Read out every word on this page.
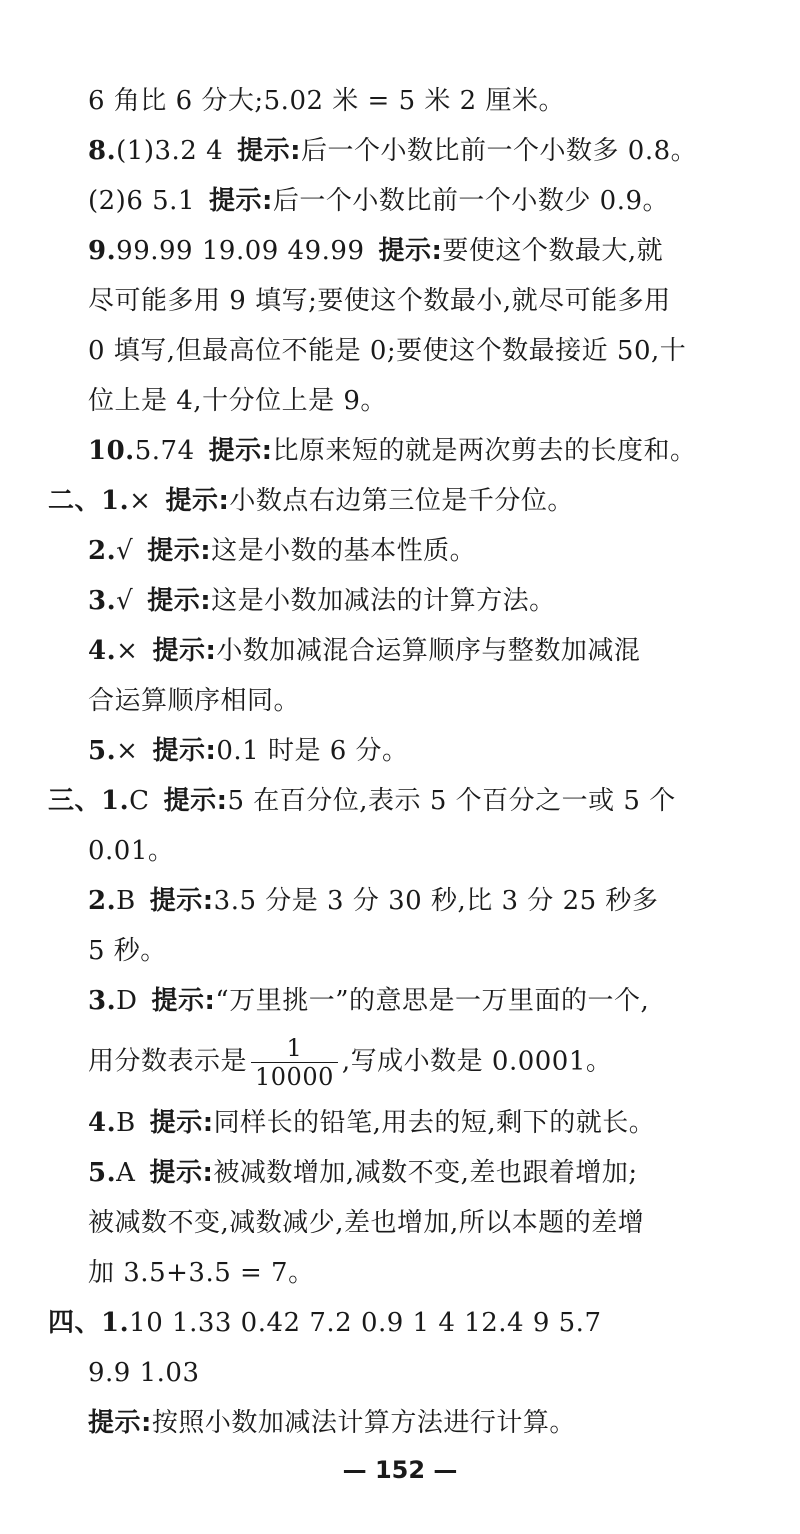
6 角比 6 分大;5.02 米 = 5 米 2 厘米。
8.(1)3.2 4 提示:后一个小数比前一个小数多 0.8。
(2)6 5.1 提示:后一个小数比前一个小数少 0.9。
9.99.99 19.09 49.99 提示:要使这个数最大,就
尽可能多用 9 填写;要使这个数最小,就尽可能多用
0 填写,但最高位不能是 0;要使这个数最接近 50,十
位上是 4,十分位上是 9。
10.5.74 提示:比原来短的就是两次剪去的长度和。
二、1.× 提示:小数点右边第三位是千分位。
2.√ 提示:这是小数的基本性质。
3.√ 提示:这是小数加减法的计算方法。
4.× 提示:小数加减混合运算顺序与整数加减混
合运算顺序相同。
5.× 提示:0.1 时是 6 分。
三、1.C 提示:5 在百分位,表示 5 个百分之一或 5 个
0.01。
2.B 提示:3.5 分是 3 分 30 秒,比 3 分 25 秒多
5 秒。
3.D 提示:“万里挑一”的意思是一万里面的一个,
用分数表示是 $\frac{1}{10000}$ ,写成小数是 0.0001。
4.B 提示:同样长的铅笔,用去的短,剩下的就长。
5.A 提示:被减数增加,减数不变,差也跟着增加;
被减数不变,减数减少,差也增加,所以本题的差增
加 3.5+3.5 = 7。
四、1.10 1.33 0.42 7.2 0.9 1 4 12.4 9 5.7
9.9 1.03
提示:按照小数加减法计算方法进行计算。
— 152 —
